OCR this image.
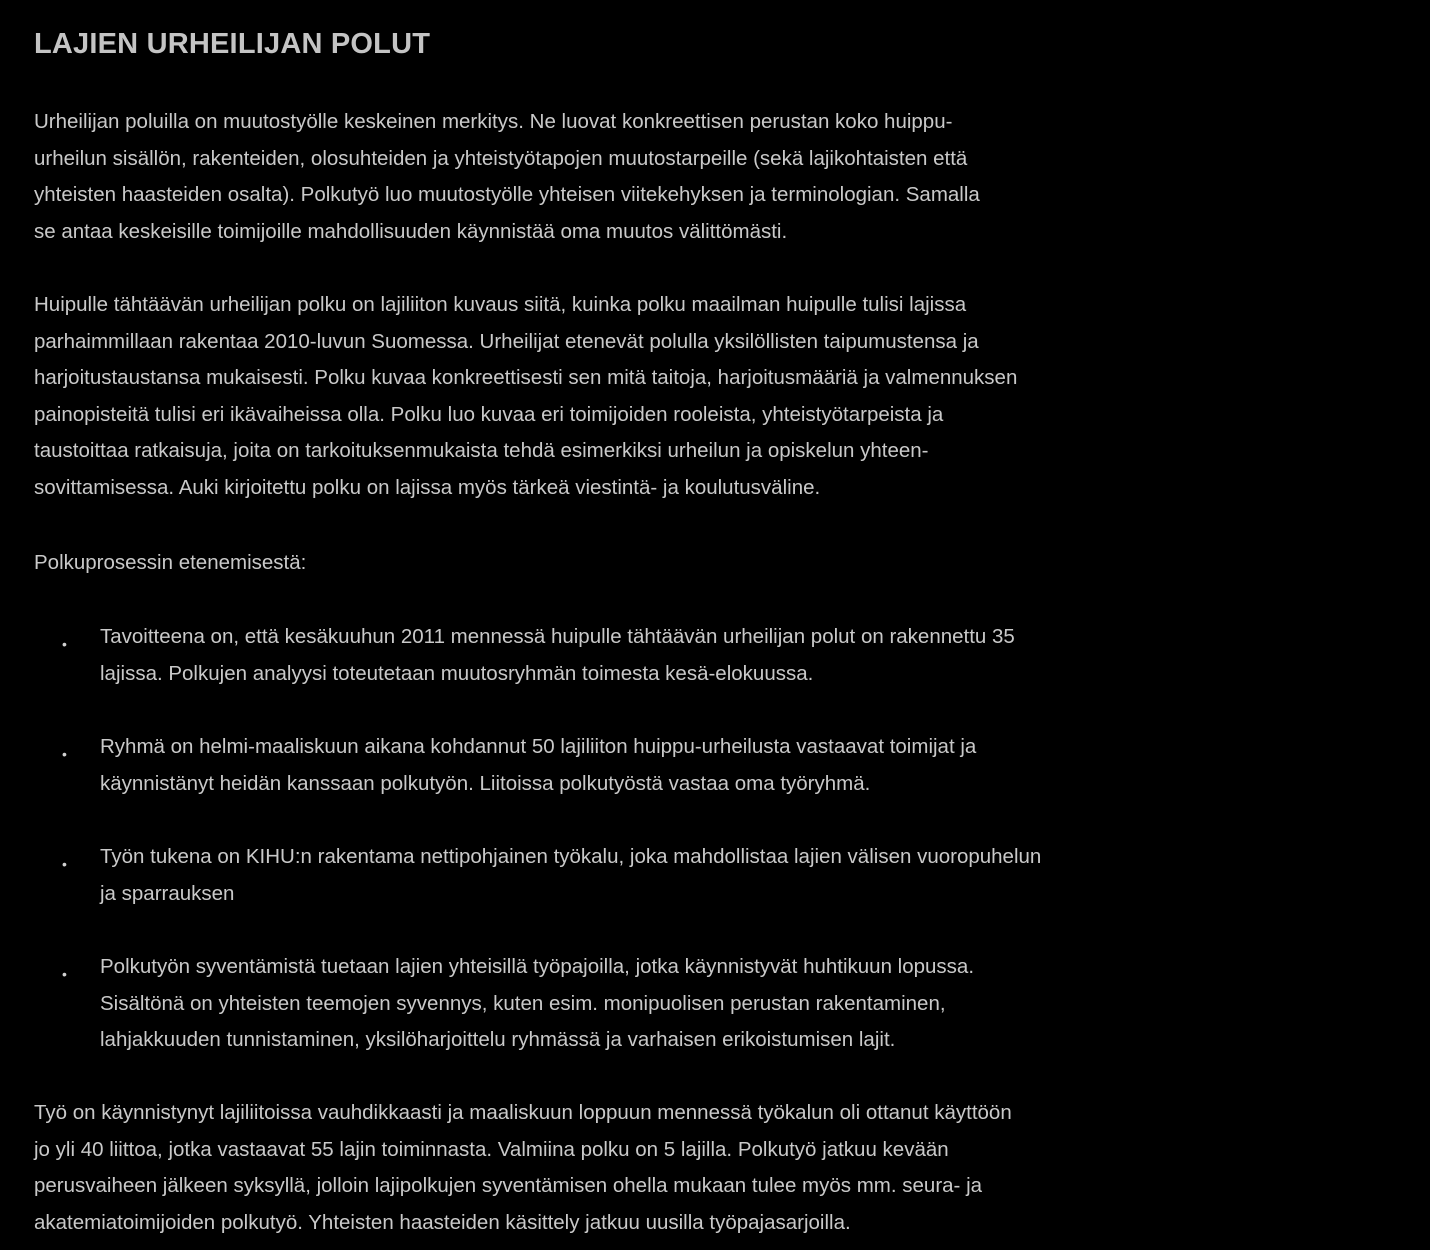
LAJIEN URHEILIJAN POLUT
Urheilijan poluilla on muutostyölle keskeinen merkitys. Ne luovat konkreettisen perustan koko huippu-
urheilun sisällön, rakenteiden, olosuhteiden ja yhteistyötapojen muutostarpeille (sekä lajikohtaisten että
yhteisten haasteiden osalta). Polkutyö luo muutostyölle yhteisen viitekehyksen ja terminologian. Samalla
se antaa keskeisille toimijoille mahdollisuuden käynnistää oma muutos välittömästi.
Huipulle tähtäävän urheilijan polku on lajiliiton kuvaus siitä, kuinka polku maailman huipulle tulisi lajissa
parhaimmillaan rakentaa 2010-luvun Suomessa. Urheilijat etenevät polulla yksilöllisten taipumustensa ja
harjoitustaustansa mukaisesti. Polku kuvaa konkreettisesti sen mitä taitoja, harjoitusmääriä ja valmennuksen
painopisteitä tulisi eri ikävaiheissa olla. Polku luo kuvaa eri toimijoiden rooleista, yhteistyötarpeista ja
taustoittaa ratkaisuja, joita on tarkoituksenmukaista tehdä esimerkiksi urheilun ja opiskelun yhteen-
sovittamisessa. Auki kirjoitettu polku on lajissa myös tärkeä viestintä- ja koulutusväline.
Polkuprosessin etenemisestä:
• Tavoitteena on, että kesäkuuhun 2011 mennessä huipulle tähtäävän urheilijan polut on rakennettu 35
lajissa. Polkujen analyysi toteutetaan muutosryhmän toimesta kesä-elokuussa.
• Ryhmä on helmi-maaliskuun aikana kohdannut 50 lajiliiton huippu-urheilusta vastaavat toimijat ja
käynnistänyt heidän kanssaan polkutyön. Liitoissa polkutyöstä vastaa oma työryhmä.
• Työn tukena on KIHU:n rakentama nettipohjainen työkalu, joka mahdollistaa lajien välisen vuoropuhelun
ja sparrauksen
• Polkutyön syventämistä tuetaan lajien yhteisillä työpajoilla, jotka käynnistyvät huhtikuun lopussa.
Sisältönä on yhteisten teemojen syvennys, kuten esim. monipuolisen perustan rakentaminen,
lahjakkuuden tunnistaminen, yksilöharjoittelu ryhmässä ja varhaisen erikoistumisen lajit.
Työ on käynnistynyt lajiliitoissa vauhdikkaasti ja maaliskuun loppuun mennessä työkalun oli ottanut käyttöön
jo yli 40 liittoa, jotka vastaavat 55 lajin toiminnasta. Valmiina polku on 5 lajilla. Polkutyö jatkuu kevään
perusvaiheen jälkeen syksyllä, jolloin lajipolkujen syventämisen ohella mukaan tulee myös mm. seura- ja
akatemiatoimijoiden polkutyö. Yhteisten haasteiden käsittely jatkuu uusilla työpajasarjoilla.
